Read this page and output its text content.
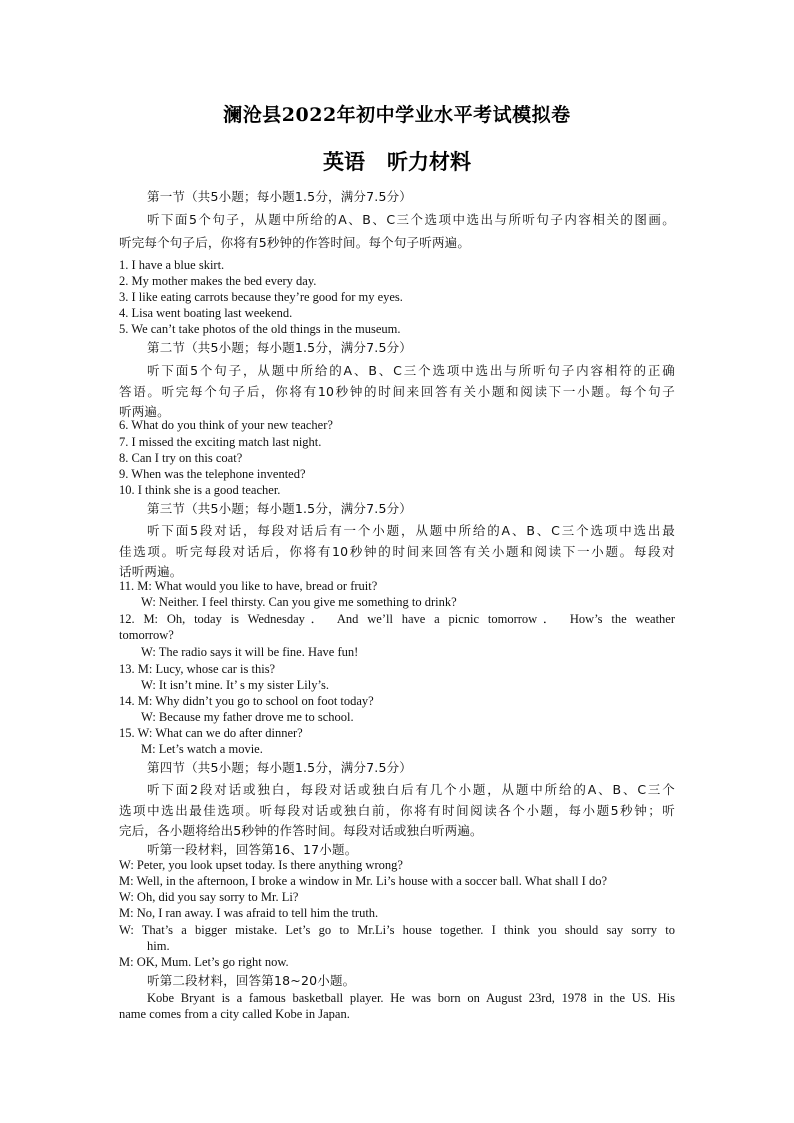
澜沧县2022年初中学业水平考试模拟卷
英语 听力材料
第一节（共5小题；每小题1.5分，满分7.5分）
听下面5个句子，从题中所给的A、B、C三个选项中选出与所听句子内容相关的图画。
听完每个句子后，你将有5秒钟的作答时间。每个句子听两遍。
1. I have a blue skirt.
2. My mother makes the bed every day.
3. I like eating carrots because they’re good for my eyes.
4. Lisa went boating last weekend.
5. We can’t take photos of the old things in the museum.
第二节（共5小题；每小题1.5分，满分7.5分）
听下面5个句子，从题中所给的A、B、C三个选项中选出与所听句子内容相符的正确
答语。听完每个句子后，你将有10秒钟的时间来回答有关小题和阅读下一小题。每个句子
听两遍。
6. What do you think of your new teacher?
7. I missed the exciting match last night.
8. Can I try on this coat?
9. When was the telephone invented?
10. I think she is a good teacher.
第三节（共5小题；每小题1.5分，满分7.5分）
听下面5段对话，每段对话后有一个小题，从题中所给的A、B、C三个选项中选出最
佳选项。听完每段对话后，你将有10秒钟的时间来回答有关小题和阅读下一小题。每段对
话听两遍。
11. M: What would you like to have, bread or fruit?
W: Neither. I feel thirsty. Can you give me something to drink?
12. M: Oh, today is Wednesday． And we’ll have a picnic tomorrow． How’s the weather
tomorrow?
W: The radio says it will be fine. Have fun!
13. M: Lucy, whose car is this?
W: It isn’t mine. It’ s my sister Lily’s.
14. M: Why didn’t you go to school on foot today?
W: Because my father drove me to school.
15. W: What can we do after dinner?
M: Let’s watch a movie.
第四节（共5小题；每小题1.5分，满分7.5分）
听下面2段对话或独白，每段对话或独白后有几个小题，从题中所给的A、B、C三个
选项中选出最佳选项。听每段对话或独白前，你将有时间阅读各个小题，每小题5秒钟；听
完后，各小题将给出5秒钟的作答时间。每段对话或独白听两遍。
听第一段材料，回答第16、17小题。
W: Peter, you look upset today. Is there anything wrong?
M: Well, in the afternoon, I broke a window in Mr. Li’s house with a soccer ball. What shall I do?
W: Oh, did you say sorry to Mr. Li?
M: No, I ran away. I was afraid to tell him the truth.
W: That’s a bigger mistake. Let’s go to Mr.Li’s house together. I think you should say sorry to
him.
M: OK, Mum. Let’s go right now.
听第二段材料，回答第18~20小题。
Kobe Bryant is a famous basketball player. He was born on August 23rd, 1978 in the US. His
name comes from a city called Kobe in Japan.
